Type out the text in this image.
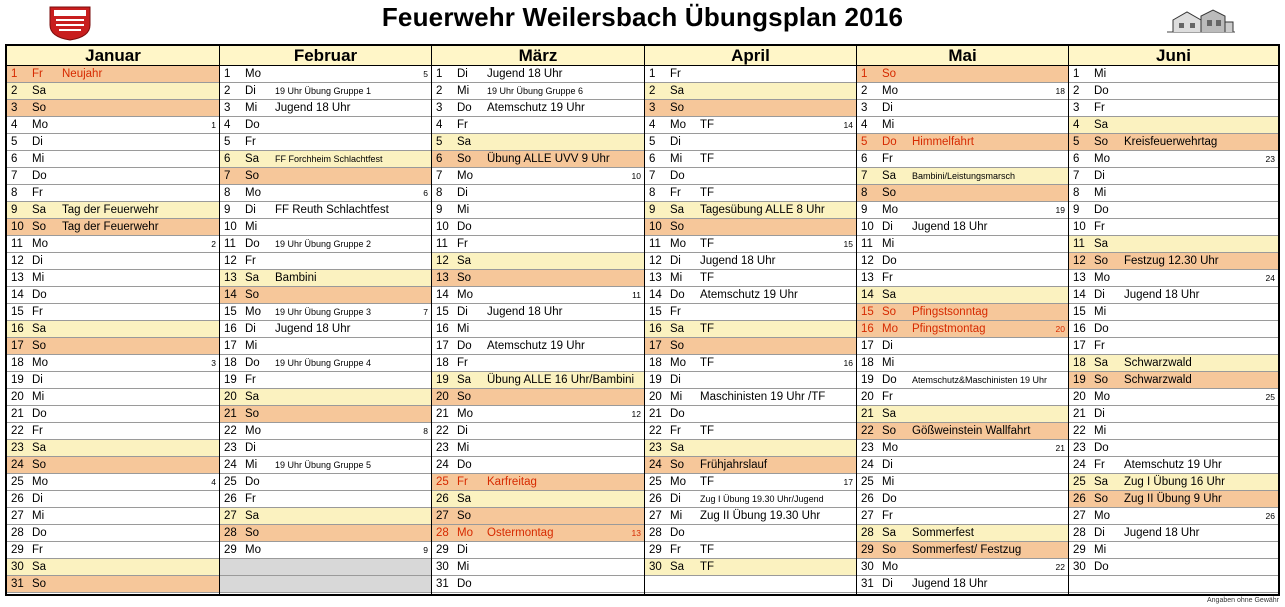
Feuerwehr Weilersbach Übungsplan 2016
Januar
1 Fr Neujahr
2 Sa
3 So
4 Mo	1
5 Di
6 Mi
7 Do
8 Fr
9 Sa Tag der Feuerwehr
10 So Tag der Feuerwehr
11 Mo	2
12 Di
13 Mi
14 Do
15 Fr
16 Sa
17 So
18 Mo	3
19 Di
20 Mi
21 Do
22 Fr
23 Sa
24 So
25 Mo	4
26 Di
27 Mi
28 Do
29 Fr
30 Sa
31 So
Februar
1 Mo	5
2 Di 19 Uhr Übung Gruppe 1
3 Mi Jugend 18 Uhr
4 Do
5 Fr
6 Sa FF Forchheim Schlachtfest
7 So
8 Mo	6
9 Di FF Reuth Schlachtfest
10 Mi
11 Do 19 Uhr Übung Gruppe 2
12 Fr
13 Sa Bambini
14 So
15 Mo 19 Uhr Übung Gruppe 3	7
16 Di Jugend 18 Uhr
17 Mi
18 Do 19 Uhr Übung Gruppe 4
19 Fr
20 Sa
21 So
22 Mo	8
23 Di
24 Mi 19 Uhr Übung Gruppe 5
25 Do
26 Fr
27 Sa
28 So
29 Mo	9
März
1 Di Jugend 18 Uhr
2 Mi 19 Uhr Übung Gruppe 6
3 Do Atemschutz 19 Uhr
4 Fr
5 Sa
6 So Übung ALLE UVV 9 Uhr
7 Mo	10
8 Di
9 Mi
10 Do
11 Fr
12 Sa
13 So
14 Mo	11
15 Di Jugend 18 Uhr
16 Mi
17 Do Atemschutz 19 Uhr
18 Fr
19 Sa Übung ALLE 16 Uhr/Bambini
20 So
21 Mo	12
22 Di
23 Mi
24 Do
25 Fr Karfreitag
26 Sa
27 So
28 Mo Ostermontag	13
29 Di
30 Mi
31 Do
April
1 Fr
2 Sa
3 So
4 Mo TF	14
5 Di
6 Mi TF
7 Do
8 Fr TF
9 Sa Tagesübung ALLE 8 Uhr
10 So
11 Mo TF	15
12 Di Jugend 18 Uhr
13 Mi TF
14 Do Atemschutz 19 Uhr
15 Fr
16 Sa TF
17 So
18 Mo TF	16
19 Di
20 Mi Maschinisten 19 Uhr /TF
21 Do
22 Fr TF
23 Sa
24 So Frühjahrslauf
25 Mo TF	17
26 Di Zug I Übung 19.30 Uhr/Jugend
27 Mi Zug II Übung 19.30 Uhr
28 Do
29 Fr TF
30 Sa TF
Mai
1 So
2 Mo	18
3 Di
4 Mi
5 Do Himmelfahrt
6 Fr
7 Sa Bambini/Leistungsmarsch
8 So
9 Mo	19
10 Di Jugend 18 Uhr
11 Mi
12 Do
13 Fr
14 Sa
15 So Pfingstsonntag
16 Mo Pfingstmontag	20
17 Di
18 Mi
19 Do Atemschutz&Maschinisten 19 Uhr
20 Fr
21 Sa
22 So Gößweinstein Wallfahrt
23 Mo	21
24 Di
25 Mi
26 Do
27 Fr
28 Sa Sommerfest
29 So Sommerfest/ Festzug
30 Mo	22
31 Di Jugend 18 Uhr
Juni
1 Mi
2 Do
3 Fr
4 Sa
5 So Kreisfeuerwehrtag
6 Mo	23
7 Di
8 Mi
9 Do
10 Fr
11 Sa
12 So Festzug 12.30 Uhr
13 Mo	24
14 Di Jugend 18 Uhr
15 Mi
16 Do
17 Fr
18 Sa Schwarzwald
19 So Schwarzwald
20 Mo	25
21 Di
22 Mi
23 Do
24 Fr Atemschutz 19 Uhr
25 Sa Zug I Übung 16 Uhr
26 So Zug II Übung 9 Uhr
27 Mo	26
28 Di Jugend 18 Uhr
29 Mi
30 Do
Angaben ohne Gewähr
